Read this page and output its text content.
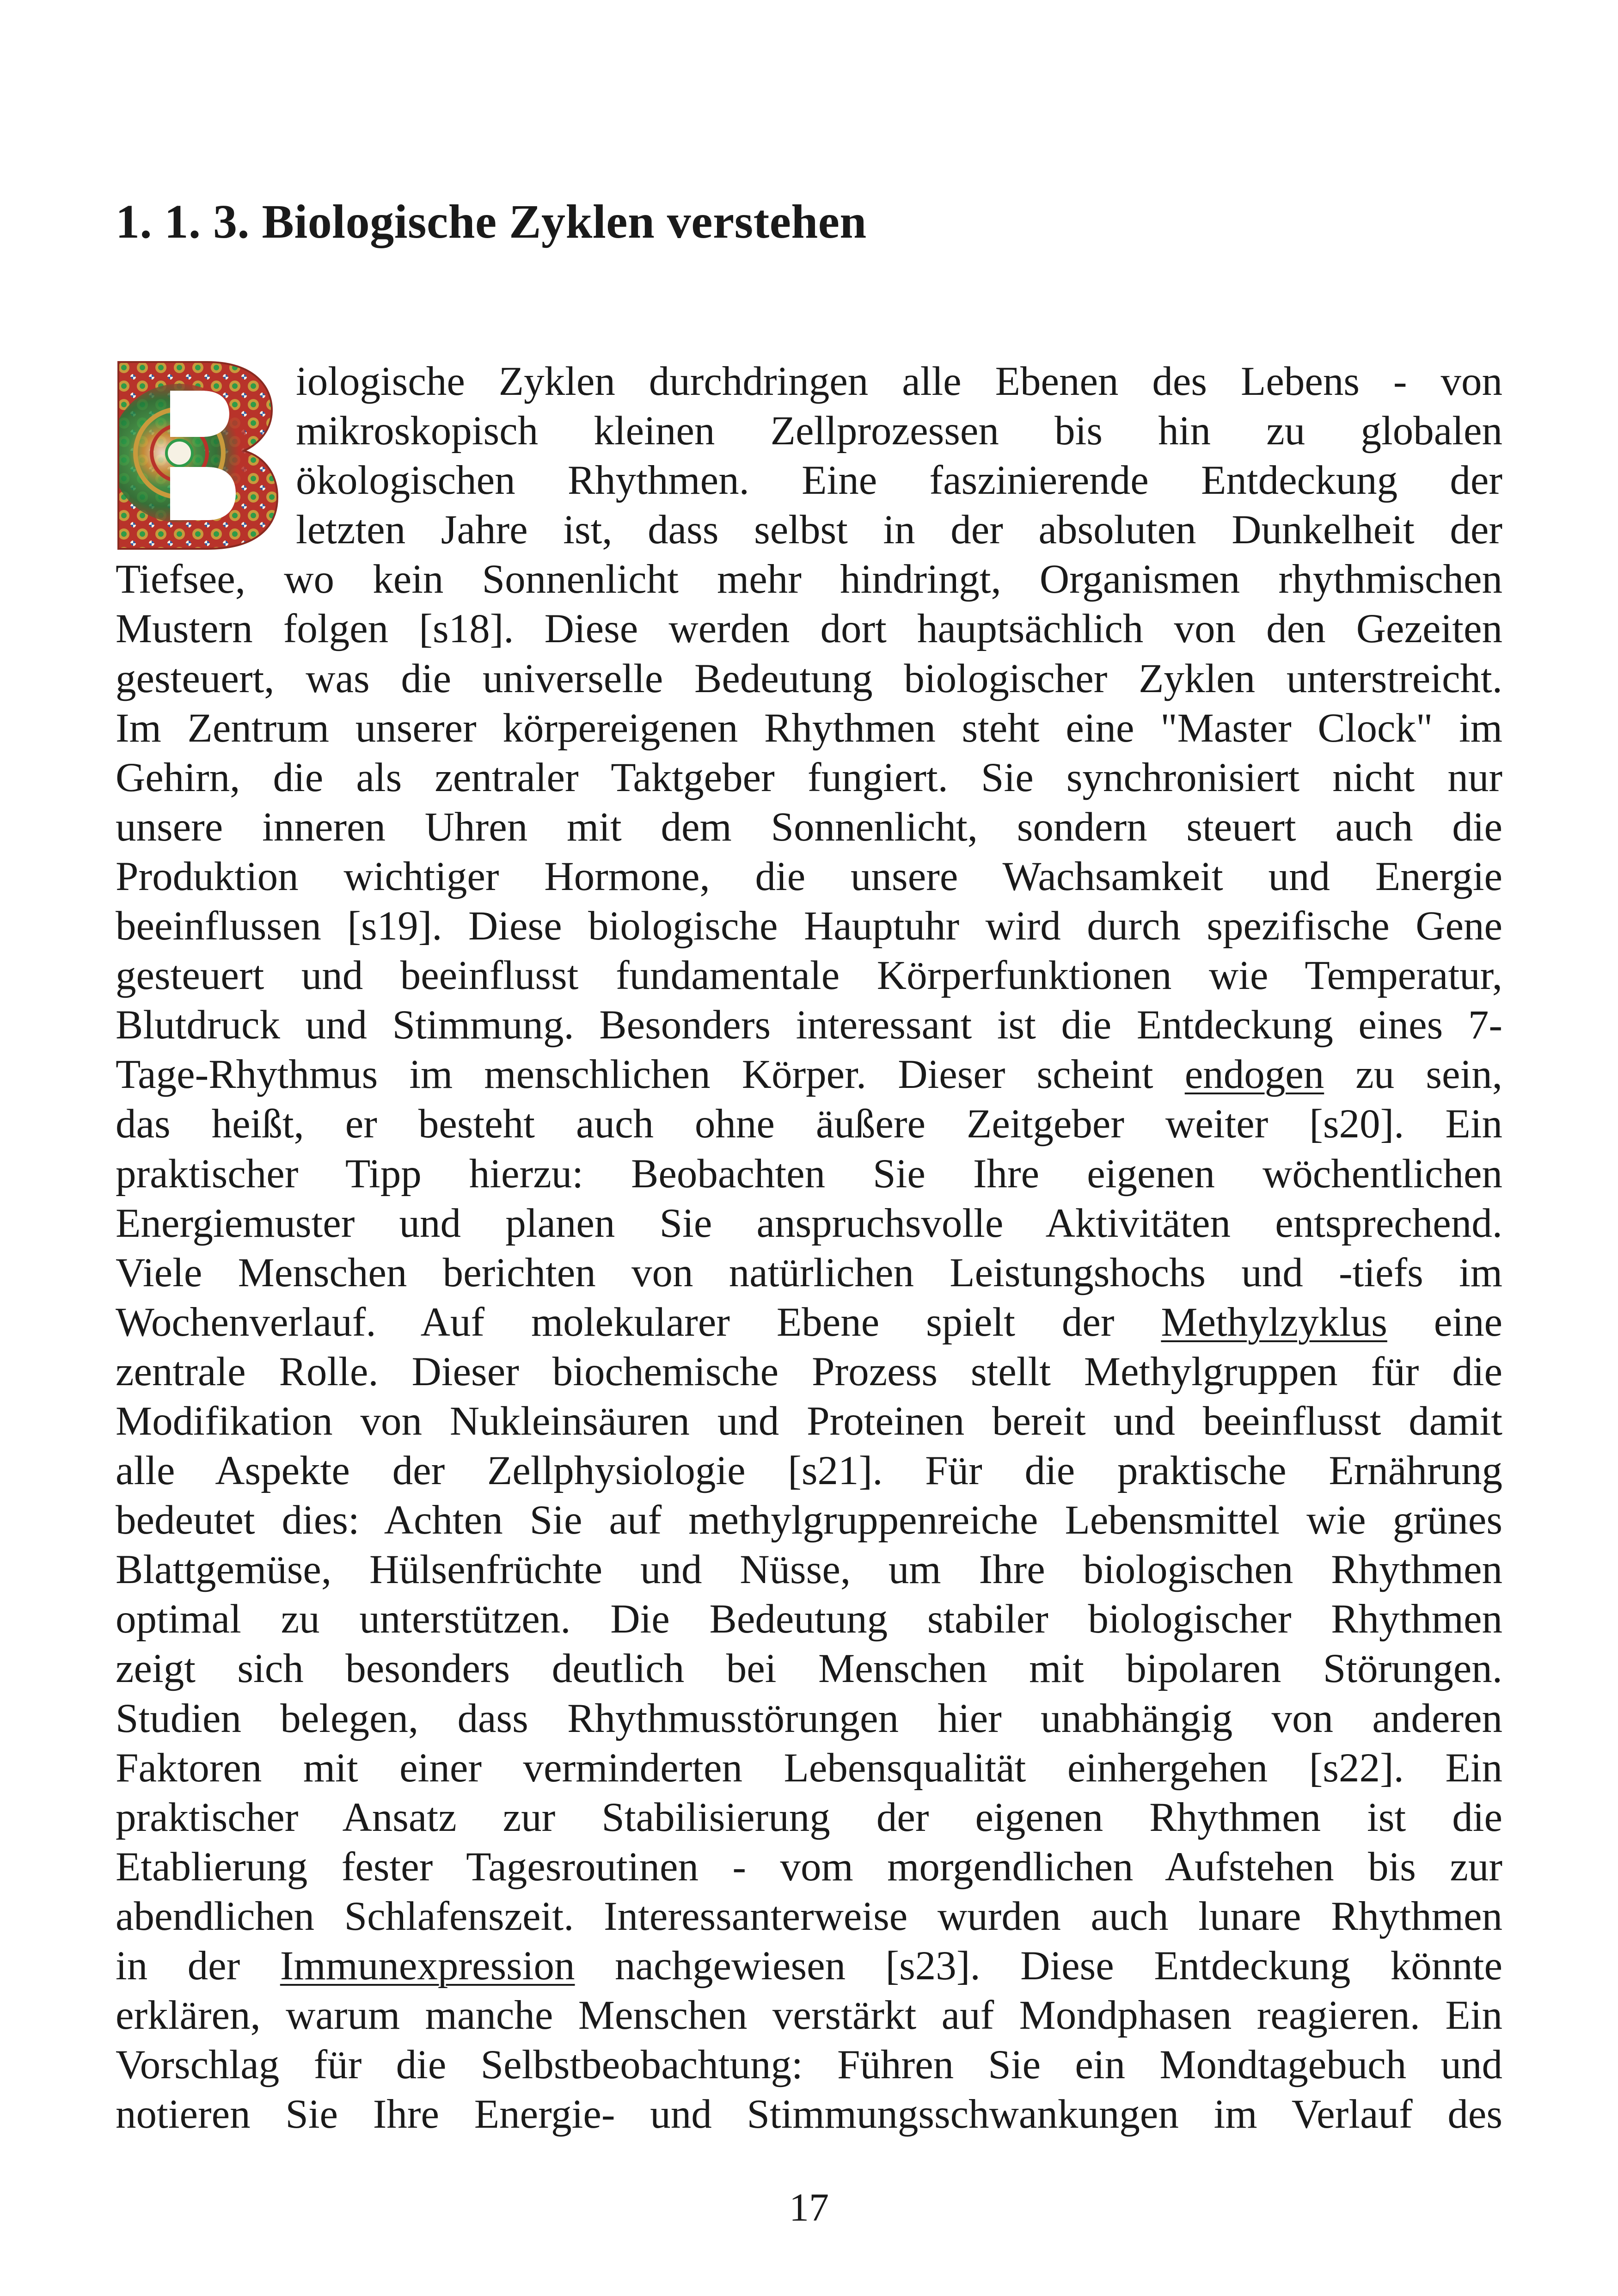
1. 1. 3. Biologische Zyklen verstehen
iologische Zyklen durchdringen alle Ebenen des Lebens - von
mikroskopisch kleinen Zellprozessen bis hin zu globalen
ökologischen Rhythmen. Eine faszinierende Entdeckung der
letzten Jahre ist, dass selbst in der absoluten Dunkelheit der
Tiefsee, wo kein Sonnenlicht mehr hindringt, Organismen rhythmischen
Mustern folgen [s18]. Diese werden dort hauptsächlich von den Gezeiten
gesteuert, was die universelle Bedeutung biologischer Zyklen unterstreicht.
Im Zentrum unserer körpereigenen Rhythmen steht eine "Master Clock" im
Gehirn, die als zentraler Taktgeber fungiert. Sie synchronisiert nicht nur
unsere inneren Uhren mit dem Sonnenlicht, sondern steuert auch die
Produktion wichtiger Hormone, die unsere Wachsamkeit und Energie
beeinflussen [s19]. Diese biologische Hauptuhr wird durch spezifische Gene
gesteuert und beeinflusst fundamentale Körperfunktionen wie Temperatur,
Blutdruck und Stimmung. Besonders interessant ist die Entdeckung eines 7-
Tage-Rhythmus im menschlichen Körper. Dieser scheint endogen zu sein,
das heißt, er besteht auch ohne äußere Zeitgeber weiter [s20]. Ein
praktischer Tipp hierzu: Beobachten Sie Ihre eigenen wöchentlichen
Energiemuster und planen Sie anspruchsvolle Aktivitäten entsprechend.
Viele Menschen berichten von natürlichen Leistungshochs und -tiefs im
Wochenverlauf. Auf molekularer Ebene spielt der Methylzyklus eine
zentrale Rolle. Dieser biochemische Prozess stellt Methylgruppen für die
Modifikation von Nukleinsäuren und Proteinen bereit und beeinflusst damit
alle Aspekte der Zellphysiologie [s21]. Für die praktische Ernährung
bedeutet dies: Achten Sie auf methylgruppenreiche Lebensmittel wie grünes
Blattgemüse, Hülsenfrüchte und Nüsse, um Ihre biologischen Rhythmen
optimal zu unterstützen. Die Bedeutung stabiler biologischer Rhythmen
zeigt sich besonders deutlich bei Menschen mit bipolaren Störungen.
Studien belegen, dass Rhythmusstörungen hier unabhängig von anderen
Faktoren mit einer verminderten Lebensqualität einhergehen [s22]. Ein
praktischer Ansatz zur Stabilisierung der eigenen Rhythmen ist die
Etablierung fester Tagesroutinen - vom morgendlichen Aufstehen bis zur
abendlichen Schlafenszeit. Interessanterweise wurden auch lunare Rhythmen
in der Immunexpression nachgewiesen [s23]. Diese Entdeckung könnte
erklären, warum manche Menschen verstärkt auf Mondphasen reagieren. Ein
Vorschlag für die Selbstbeobachtung: Führen Sie ein Mondtagebuch und
notieren Sie Ihre Energie- und Stimmungsschwankungen im Verlauf des
17
